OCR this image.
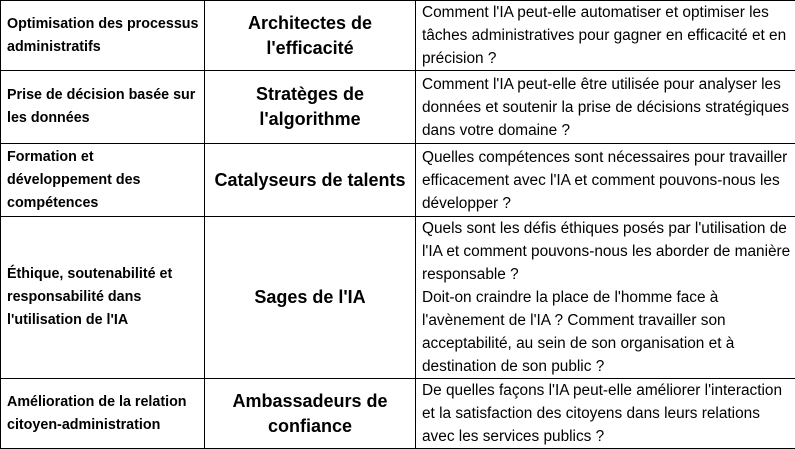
Optimisation des processus administratifs	Architectes de l'efficacité	Comment l'IA peut-elle automatiser et optimiser les tâches administratives pour gagner en efficacité et en précision ?

Prise de décision basée sur les données	Stratèges de l'algorithme	Comment l'IA peut-elle être utilisée pour analyser les données et soutenir la prise de décisions stratégiques dans votre domaine ?

Formation et développement des compétences	Catalyseurs de talents	Quelles compétences sont nécessaires pour travailler efficacement avec l'IA et comment pouvons-nous les développer ?

Éthique, soutenabilité et responsabilité dans l'utilisation de l'IA	Sages de l'IA	Quels sont les défis éthiques posés par l'utilisation de l'IA et comment pouvons-nous les aborder de manière responsable ?
Doit-on craindre la place de l'homme face à l'avènement de l'IA ? Comment travailler son acceptabilité, au sein de son organisation et à destination de son public ?

Amélioration de la relation citoyen-administration	Ambassadeurs de confiance	De quelles façons l'IA peut-elle améliorer l'interaction et la satisfaction des citoyens dans leurs relations avec les services publics ?
